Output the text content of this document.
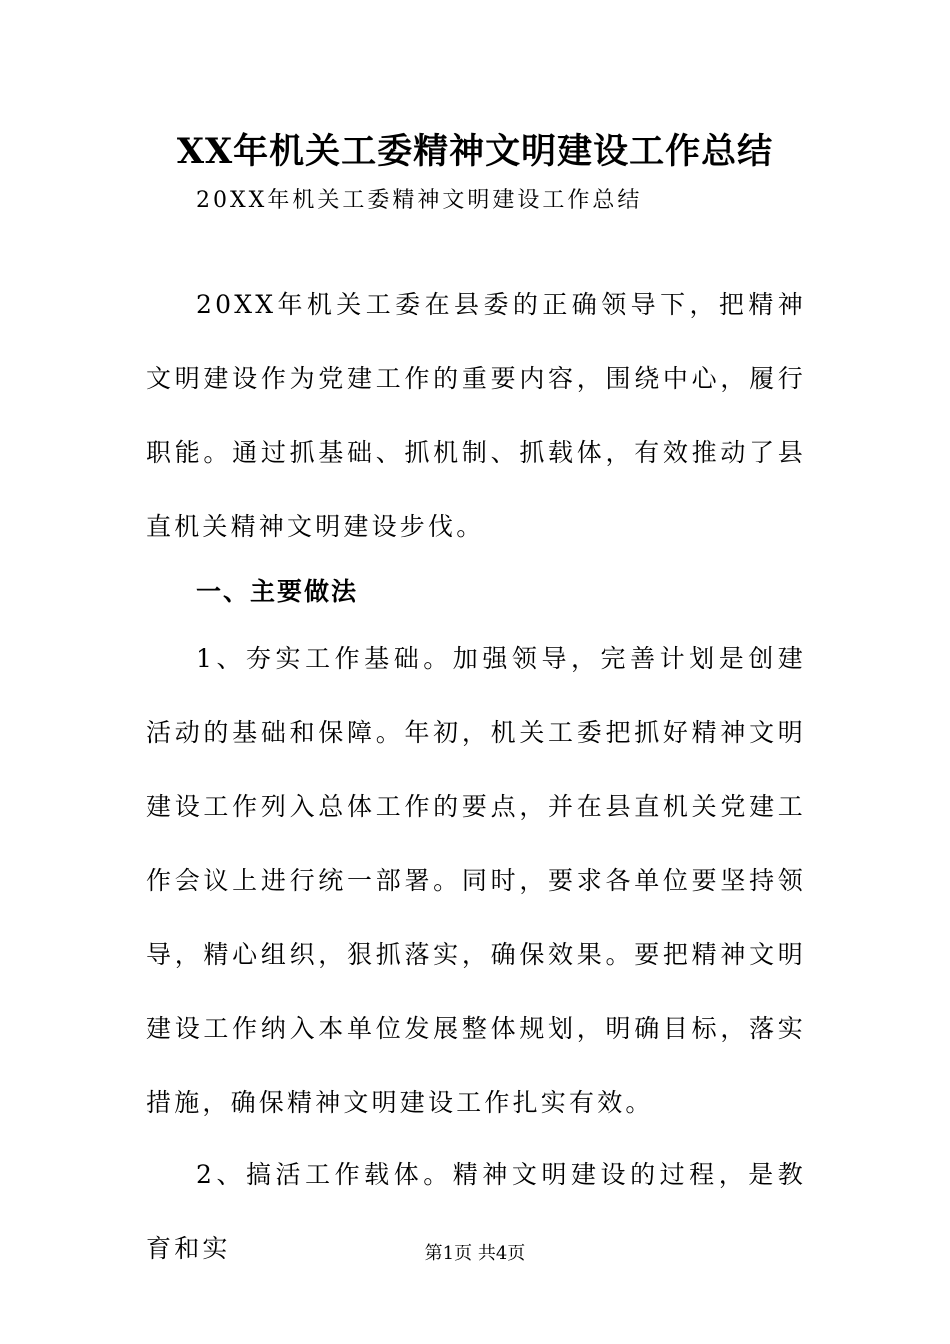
XX年机关工委精神文明建设工作总结

20XX年机关工委精神文明建设工作总结

20XX年机关工委在县委的正确领导下，把精神文明建设作为党建工作的重要内容，围绕中心，履行职能。通过抓基础、抓机制、抓载体，有效推动了县直机关精神文明建设步伐。

一、主要做法

1、夯实工作基础。加强领导，完善计划是创建活动的基础和保障。年初，机关工委把抓好精神文明建设工作列入总体工作的要点，并在县直机关党建工作会议上进行统一部署。同时，要求各单位要坚持领导，精心组织，狠抓落实，确保效果。要把精神文明建设工作纳入本单位发展整体规划，明确目标，落实措施，确保精神文明建设工作扎实有效。

2、搞活工作载体。精神文明建设的过程，是教育和实	第1页 共4页
